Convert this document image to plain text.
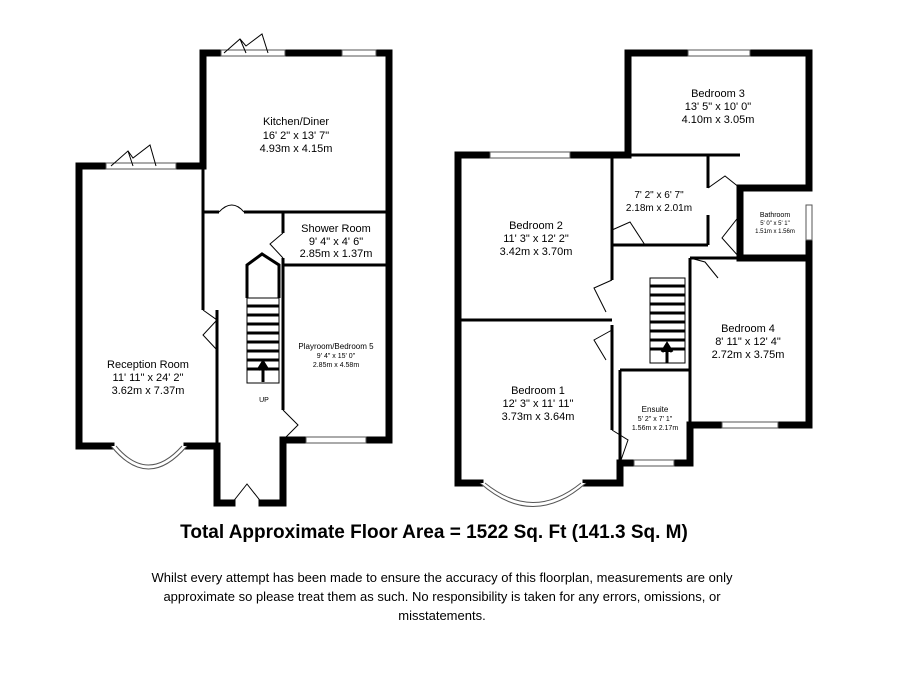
Kitchen/Diner
16' 2" x 13' 7"
4.93m x 4.15m
Shower Room
9' 4" x 4' 6"
2.85m x 1.37m
Playroom/Bedroom 5
9' 4" x 15' 0"
2.85m x 4.58m
Reception Room
11' 11" x 24' 2"
3.62m x 7.37m
UP
Bedroom 3
13' 5" x 10' 0"
4.10m x 3.05m
7' 2" x 6' 7"
2.18m x 2.01m
Bedroom 2
11' 3" x 12' 2"
3.42m x 3.70m
Bathroom
5' 0" x 5' 1"
1.51m x 1.56m
Bedroom 4
8' 11" x 12' 4"
2.72m x 3.75m
Bedroom 1
12' 3" x 11' 11"
3.73m x 3.64m
Ensuite
5' 2" x 7' 1"
1.56m x 2.17m
Total Approximate Floor Area = 1522 Sq. Ft (141.3 Sq. M)
Whilst every attempt has been made to ensure the accuracy of this floorplan, measurements are only approximate so please treat them as such. No responsibility is taken for any errors, omissions, or misstatements.
